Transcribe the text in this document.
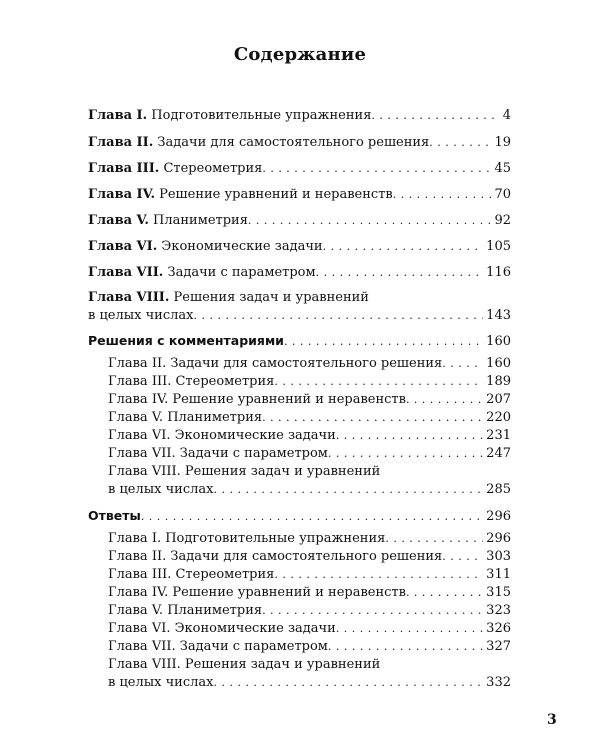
Содержание
Глава I. Подготовительные упражнения . . .	4
Глава II. Задачи для самостоятельного решения . . .	19
Глава III. Стереометрия . . .	45
Глава IV. Решение уравнений и неравенств . . .	70
Глава V. Планиметрия . . .	92
Глава VI. Экономические задачи . . .	105
Глава VII. Задачи с параметром . . .	116
Глава VIII. Решения задач и уравнений
в целых числах . . .	143
Решения с комментариями . . .	160
Глава II. Задачи для самостоятельного решения . . .	160
Глава III. Стереометрия . . .	189
Глава IV. Решение уравнений и неравенств . . .	207
Глава V. Планиметрия . . .	220
Глава VI. Экономические задачи . . .	231
Глава VII. Задачи с параметром . . .	247
Глава VIII. Решения задач и уравнений
в целых числах . . .	285
Ответы . . .	296
Глава I. Подготовительные упражнения . . .	296
Глава II. Задачи для самостоятельного решения . . .	303
Глава III. Стереометрия . . .	311
Глава IV. Решение уравнений и неравенств . . .	315
Глава V. Планиметрия . . .	323
Глава VI. Экономические задачи . . .	326
Глава VII. Задачи с параметром . . .	327
Глава VIII. Решения задач и уравнений
в целых числах . . .	332
3
